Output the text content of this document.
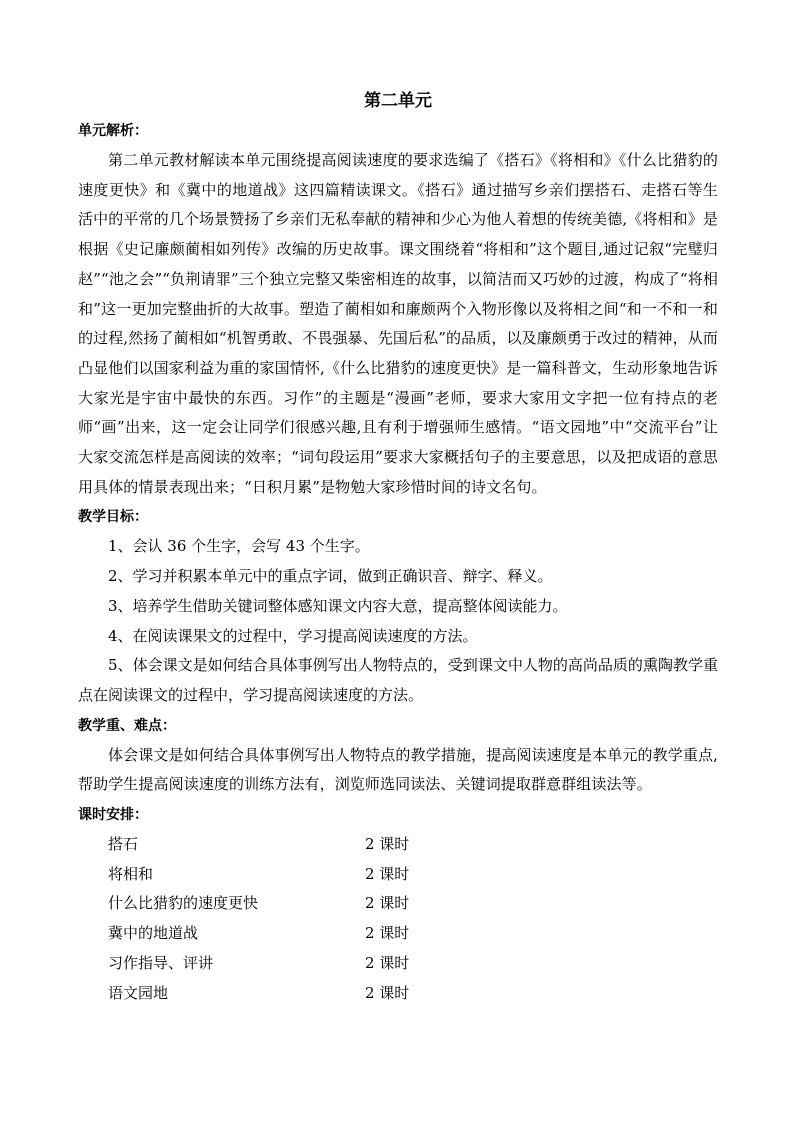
第二单元
单元解析：

第二单元教材解读本单元围绕提高阅读速度的要求选编了《搭石》《将相和》《什么比猎豹的速度更快》和《冀中的地道战》这四篇精读课文。《搭石》通过描写乡亲们摆搭石、走搭石等生活中的平常的几个场景赞扬了乡亲们无私奉献的精神和少心为他人着想的传统美德,《将相和》是根据《史记廉颇蔺相如列传》改编的历史故事。课文围绕着“将相和”这个题目,通过记叙“完璧归赵”“池之会”“负荆请罪”三个独立完整又柴密相连的故事，以简洁而又巧妙的过渡，构成了“将相和”这一更加完整曲折的大故事。塑造了蔺相如和廉颇两个入物形像以及将相之间“和一不和一和的过程,然扬了蔺相如“机智勇敢、不畏强暴、先国后私”的品质，以及廉颇勇于改过的精神，从而凸显他们以国家利益为重的家国情怀,《什么比猎豹的速度更快》是一篇科普文，生动形象地告诉大家光是宇宙中最快的东西。习作”的主题是“漫画”老师，要求大家用文字把一位有持点的老师“画”出来，这一定会让同学们很感兴趣,且有利于增强师生感情。“语文园地”中“交流平台”让大家交流怎样是高阅读的效率；“词句段运用”要求大家概括句子的主要意思，以及把成语的意思用具体的情景表现出来；“日积月累”是物勉大家珍惜时间的诗文名句。

教学目标：

1、会认 36 个生字，会写 43 个生字。

2、学习并积累本单元中的重点字词，做到正确识音、辩字、释义。

3、培养学生借助关键词整体感知课文内容大意，提高整体阅读能力。

4、在阅读课果文的过程中，学习提高阅读速度的方法。

5、体会课文是如何结合具体事例写出人物特点的，受到课文中人物的高尚品质的熏陶教学重点在阅读课文的过程中，学习提高阅读速度的方法。

教学重、难点：

体会课文是如何结合具体事例写出人物特点的教学措施，提高阅读速度是本单元的教学重点,帮助学生提高阅读速度的训练方法有，浏览师选同读法、关键词提取群意群组读法等。

课时安排：
搭石	2 课时
将相和	2 课时
什么比猎豹的速度更快	2 课时
冀中的地道战	2 课时
习作指导、评讲	2 课时
语文园地	2 课时
